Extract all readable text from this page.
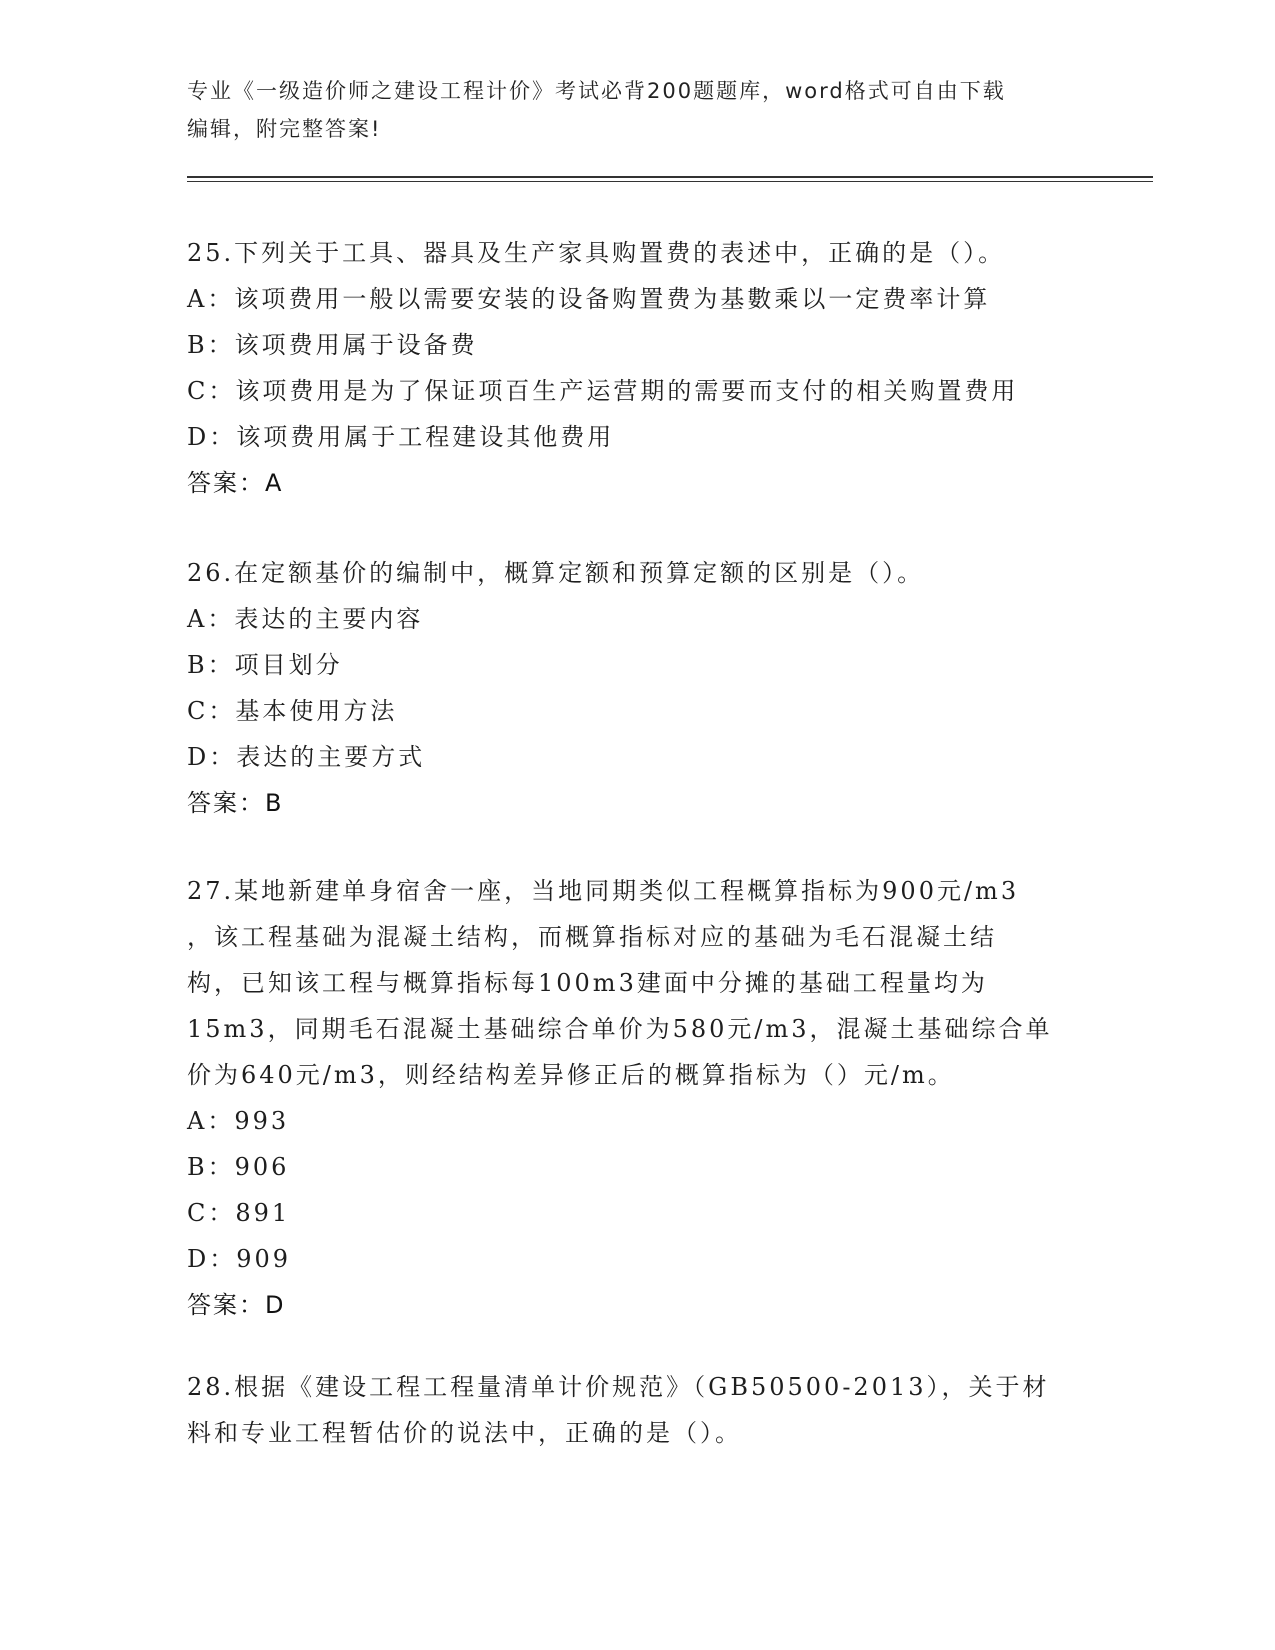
专业《一级造价师之建设工程计价》考试必背200题题库，word格式可自由下载
编辑，附完整答案!
25.下列关于工具、器具及生产家具购置费的表述中，正确的是（）。
A：该项费用一般以需要安装的设备购置费为基數乘以一定费率计算
B：该项费用属于设备费
C：该项费用是为了保证项百生产运营期的需要而支付的相关购置费用
D：该项费用属于工程建设其他费用
答案：A
26.在定额基价的编制中，概算定额和预算定额的区别是（）。
A：表达的主要内容
B：项目划分
C：基本使用方法
D：表达的主要方式
答案：B
27.某地新建单身宿舍一座，当地同期类似工程概算指标为900元/m3
，该工程基础为混凝土结构，而概算指标对应的基础为毛石混凝土结
构，已知该工程与概算指标每100m3建面中分摊的基础工程量均为
15m3，同期毛石混凝土基础综合单价为580元/m3，混凝土基础综合单
价为640元/m3，则经结构差异修正后的概算指标为（）元/m。
A：993
B：906
C：891
D：909
答案：D
28.根据《建设工程工程量清单计价规范》（GB50500-2013），关于材
料和专业工程暂估价的说法中，正确的是（）。
